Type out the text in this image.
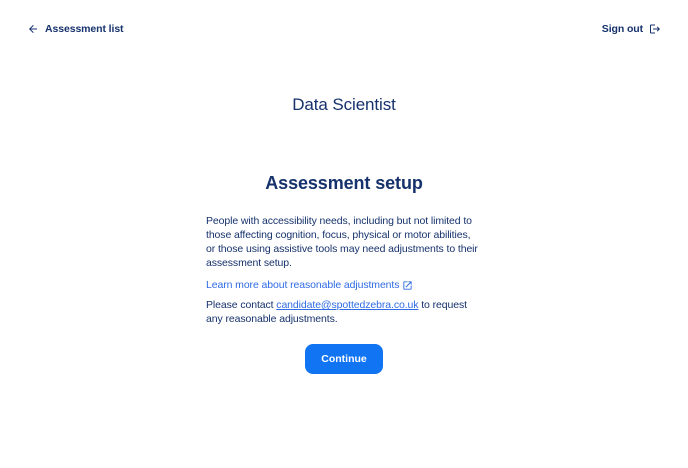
Assessment list	Sign out
Data Scientist
Assessment setup
People with accessibility needs, including but not limited to
those affecting cognition, focus, physical or motor abilities,
or those using assistive tools may need adjustments to their
assessment setup.
Learn more about reasonable adjustments
Please contact candidate@spottedzebra.co.uk to request
any reasonable adjustments.
Continue
